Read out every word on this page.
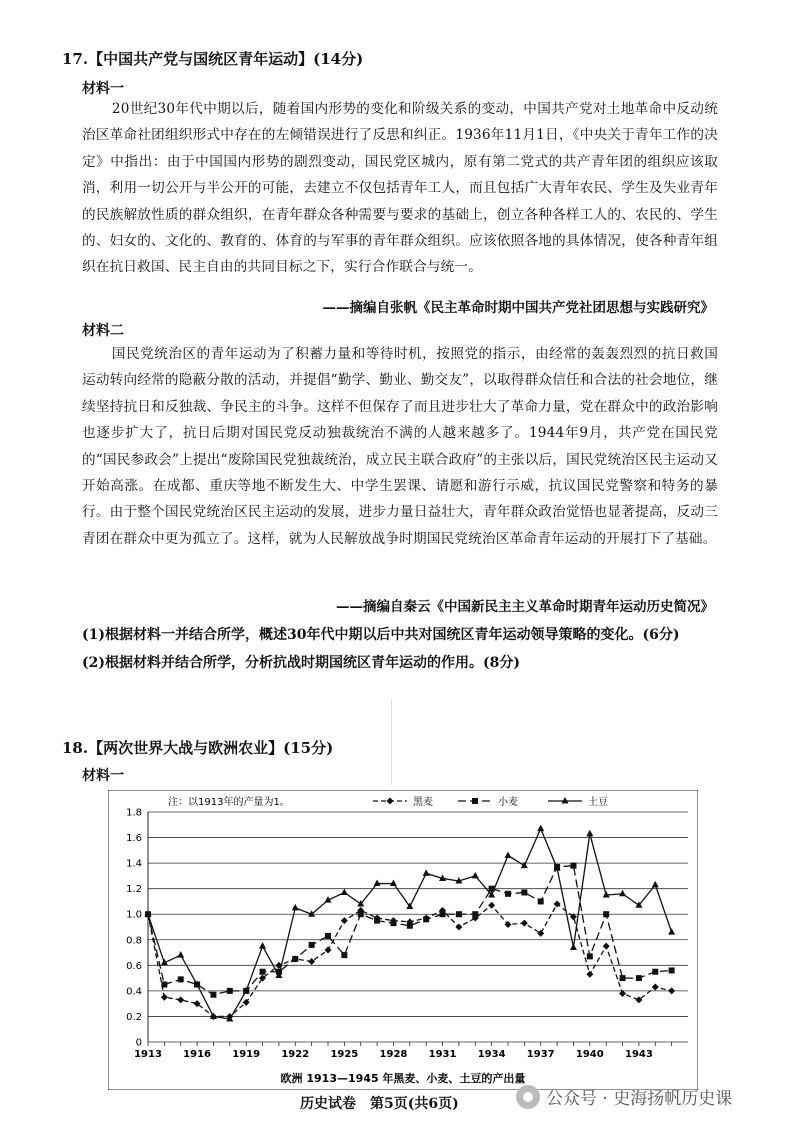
17.【中国共产党与国统区青年运动】(14分)
材料一
20世纪30年代中期以后，随着国内形势的变化和阶级关系的变动，中国共产党对土地革命中反动统治区革命社团组织形式中存在的左倾错误进行了反思和纠正。1936年11月1日，《中央关于青年工作的决定》中指出：由于中国国内形势的剧烈变动，国民党区城内，原有第二党式的共产青年团的组织应该取消，利用一切公开与半公开的可能，去建立不仅包括青年工人，而且包括广大青年农民、学生及失业青年的民族解放性质的群众组织，在青年群众各种需要与要求的基础上，创立各种各样工人的、农民的、学生的、妇女的、文化的、教育的、体育的与军事的青年群众组织。应该依照各地的具体情况，使各种青年组织在抗日救国、民主自由的共同目标之下，实行合作联合与统一。
——摘编自张帆《民主革命时期中国共产党社团思想与实践研究》
材料二
国民党统治区的青年运动为了积蓄力量和等待时机，按照党的指示，由经常的轰轰烈烈的抗日救国运动转向经常的隐蔽分散的活动，并提倡“勤学、勤业、勤交友”，以取得群众信任和合法的社会地位，继续坚持抗日和反独裁、争民主的斗争。这样不但保存了而且进步壮大了革命力量，党在群众中的政治影响也逐步扩大了，抗日后期对国民党反动独裁统治不满的人越来越多了。1944年9月，共产党在国民党的“国民参政会”上提出“废除国民党独裁统治，成立民主联合政府”的主张以后，国民党统治区民主运动又开始高涨。在成都、重庆等地不断发生大、中学生罢课、请愿和游行示威，抗议国民党警察和特务的暴行。由于整个国民党统治区民主运动的发展，进步力量日益壮大，青年群众政治觉悟也显著提高，反动三青团在群众中更为孤立了。这样，就为人民解放战争时期国民党统治区革命青年运动的开展打下了基础。
——摘编自秦云《中国新民主主义革命时期青年运动历史简况》
(1)根据材料一并结合所学，概述30年代中期以后中共对国统区青年运动领导策略的变化。(6分)
(2)根据材料并结合所学，分析抗战时期国统区青年运动的作用。(8分)
18.【两次世界大战与欧洲农业】(15分)
材料一
注：以1913年的产量为1。
0
0.2
0.4
0.6
0.8
1.0
1.2
1.4
1.6
1.8
1913 1916 1919 1922 1925 1928 1931 1934 1937 1940 1943
黑麦	小麦	土豆
欧洲 1913—1945 年黑麦、小麦、土豆的产出量
历史试卷　第5页(共6页)	公众号 · 史海扬帆历史课
